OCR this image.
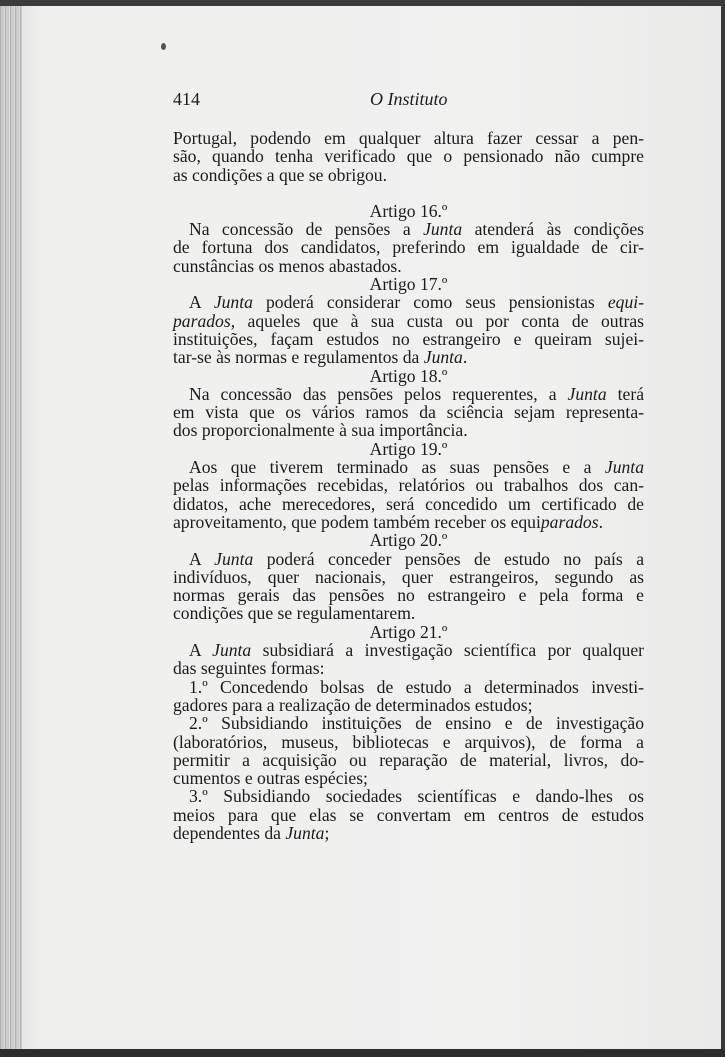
414	O Instituto

Portugal, podendo em qualquer altura fazer cessar a pen-
são, quando tenha verificado que o pensionado não cumpre
as condições a que se obrigou.

Artigo 16.º

Na concessão de pensões a Junta atenderá às condições
de fortuna dos candidatos, preferindo em igualdade de cir-
cunstâncias os menos abastados.

Artigo 17.º

A Junta poderá considerar como seus pensionistas equi-
parados, aqueles que à sua custa ou por conta de outras
instituições, façam estudos no estrangeiro e queiram sujei-
tar-se às normas e regulamentos da Junta.

Artigo 18.º

Na concessão das pensões pelos requerentes, a Junta terá
em vista que os vários ramos da sciência sejam representa-
dos proporcionalmente à sua importância.

Artigo 19.º

Aos que tiverem terminado as suas pensões e a Junta
pelas informações recebidas, relatórios ou trabalhos dos can-
didatos, ache merecedores, será concedido um certificado de
aproveitamento, que podem também receber os equiparados.

Artigo 20.º

A Junta poderá conceder pensões de estudo no país a
indivíduos, quer nacionais, quer estrangeiros, segundo as
normas gerais das pensões no estrangeiro e pela forma e
condições que se regulamentarem.

Artigo 21.º

A Junta subsidiará a investigação scientífica por qualquer
das seguintes formas:
1.º Concedendo bolsas de estudo a determinados investi-
gadores para a realização de determinados estudos;
2.º Subsidiando instituições de ensino e de investigação
(laboratórios, museus, bibliotecas e arquivos), de forma a
permitir a acquisição ou reparação de material, livros, do-
cumentos e outras espécies;
3.º Subsidiando sociedades scientíficas e dando-lhes os
meios para que elas se convertam em centros de estudos
dependentes da Junta;
